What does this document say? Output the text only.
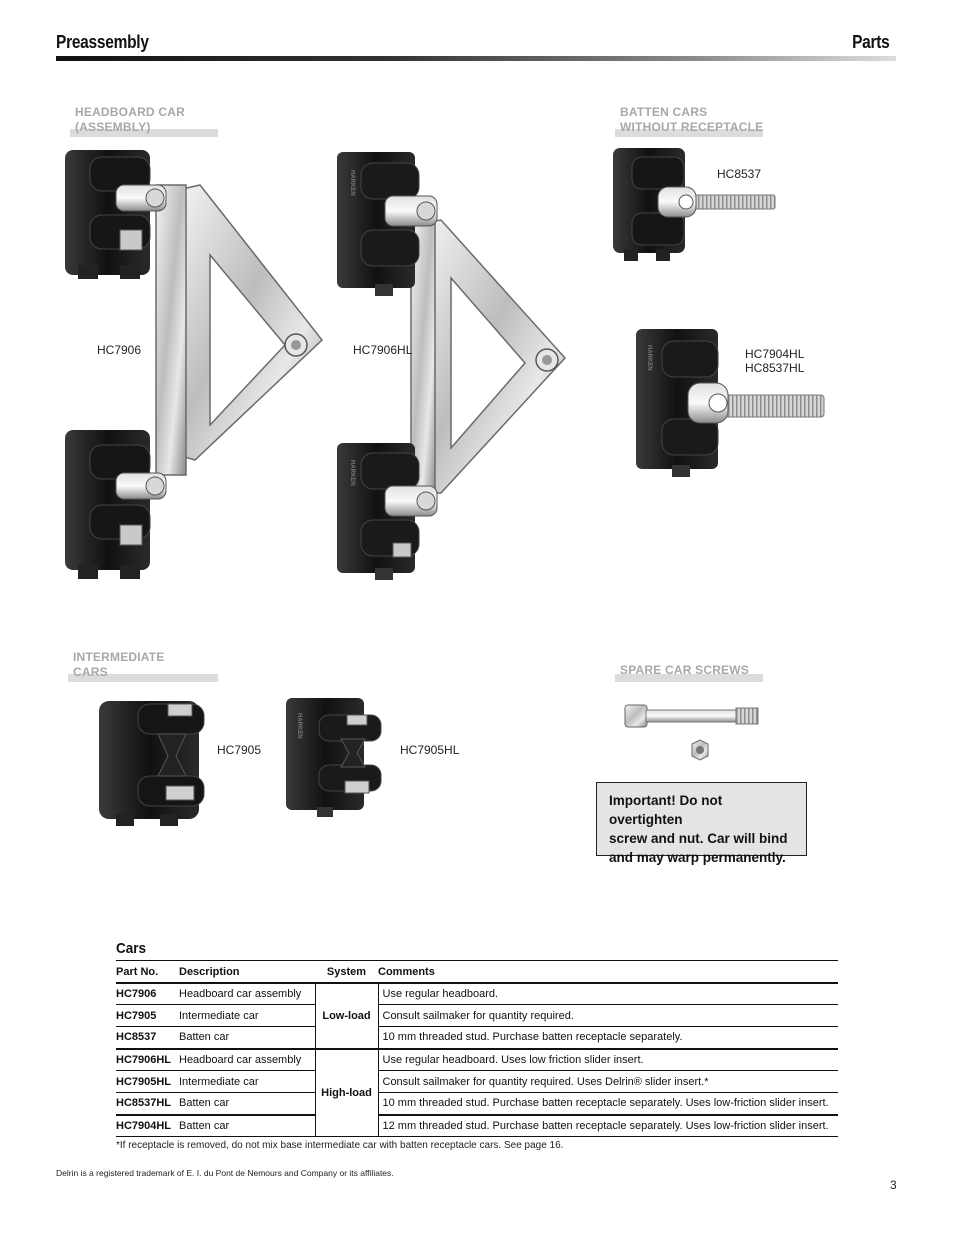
Preassembly	Parts
HEADBOARD CAR
(ASSEMBLY)
BATTEN CARS
WITHOUT RECEPTACLE
INTERMEDIATE
CARS	SPARE CAR SCREWS
HC7906
HARKEN
HARKEN
HC7906HL
HC8537
HARKEN	HC7904HL
HC8537HL
HC7905
HARKEN
HC7905HL
Important! Do not overtighten
screw and nut. Car will bind
and may warp permanently.
Cars
Part No.	Description	System	Comments
HC7906	Headboard car assembly	Low-load	Use regular headboard.
HC7905	Intermediate car		Consult sailmaker for quantity required.
HC8537	Batten car		10 mm threaded stud. Purchase batten receptacle separately.
HC7906HL	Headboard car assembly	High-load	Use regular headboard. Uses low friction slider insert.
HC7905HL	Intermediate car		Consult sailmaker for quantity required. Uses Delrin® slider insert.*
HC8537HL	Batten car		10 mm threaded stud. Purchase batten receptacle separately. Uses low-friction slider insert.
HC7904HL	Batten car		12 mm threaded stud. Purchase batten receptacle separately. Uses low-friction slider insert.
*If receptacle is removed, do not mix base intermediate car with batten receptacle cars. See page 16.
Delrin is a registered trademark of E. I. du Pont de Nemours and Company or its affiliates.
3
